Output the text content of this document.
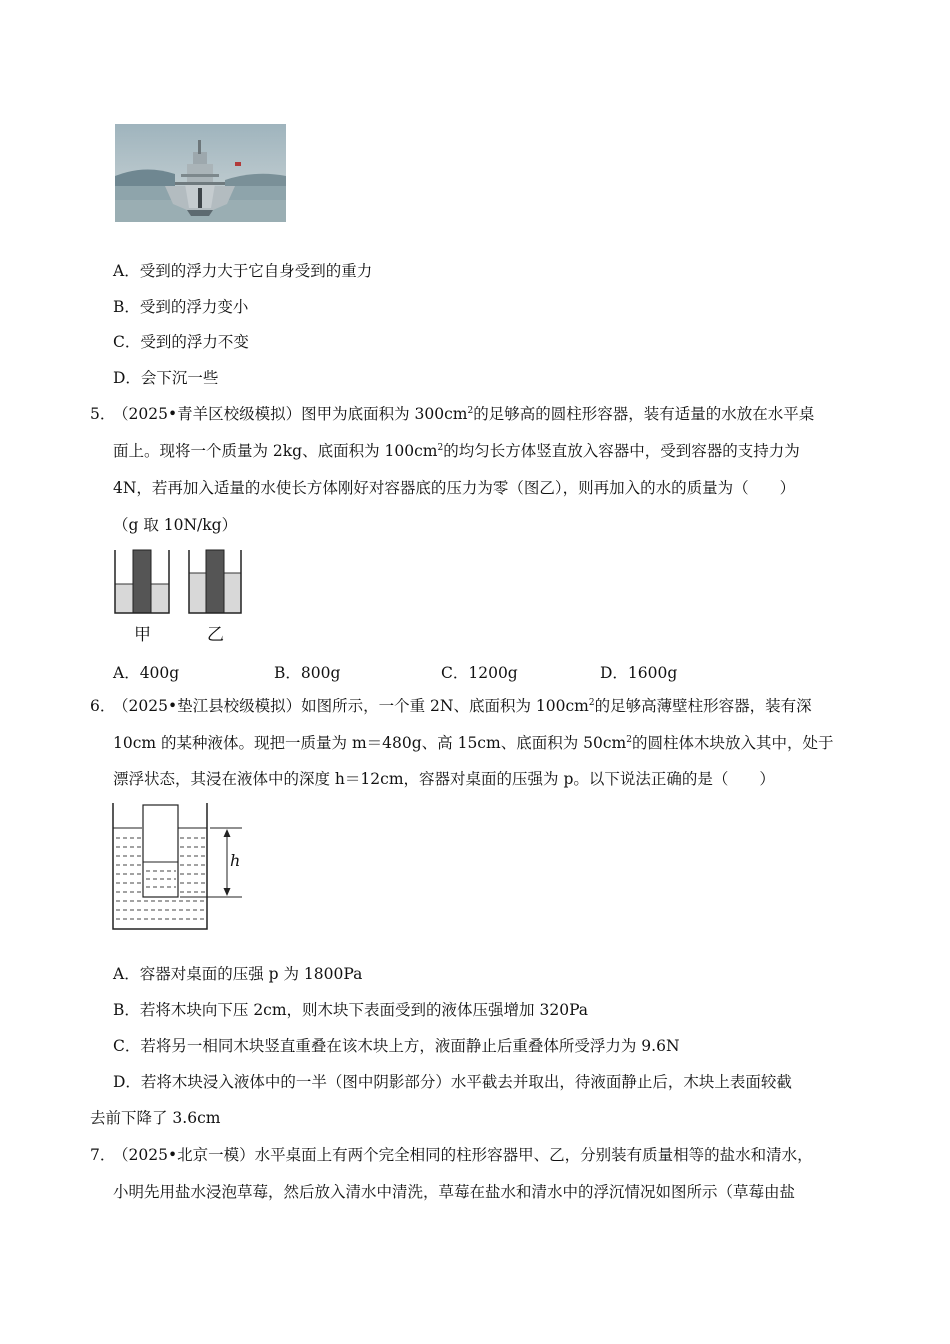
A．受到的浮力大于它自身受到的重力
B．受到的浮力变小
C．受到的浮力不变
D．会下沉一些
5．
（2025•青羊区校级模拟）图甲为底面积为 $300cm^2$的足够高的圆柱形容器，装有适量的水放在水平桌
面上。现将一个质量为 2kg、底面积为 $100cm^2$的均匀长方体竖直放入容器中，受到容器的支持力为
4N，若再加入适量的水使长方体刚好对容器底的压力为零（图乙），则再加入的水的质量为（　　）
（g 取 10N/kg）
甲	乙
A．400g	B．800g	C．1200g	D．1600g
6．
（2025•垫江县校级模拟）如图所示，一个重 2N、底面积为 $100cm^2$的足够高薄壁柱形容器，装有深
10cm 的某种液体。现把一质量为 m＝480g、高 15cm、底面积为 $50cm^2$的圆柱体木块放入其中，处于
漂浮状态，其浸在液体中的深度 h＝12cm，容器对桌面的压强为 p。以下说法正确的是（　　）
h
A．容器对桌面的压强 p 为 1800Pa
B．若将木块向下压 2cm，则木块下表面受到的液体压强增加 320Pa
C．若将另一相同木块竖直重叠在该木块上方，液面静止后重叠体所受浮力为 9.6N
D．若将木块浸入液体中的一半（图中阴影部分）水平截去并取出，待液面静止后，木块上表面较截
去前下降了 3.6cm
7．
（2025•北京一模）水平桌面上有两个完全相同的柱形容器甲、乙，分别装有质量相等的盐水和清水，
小明先用盐水浸泡草莓，然后放入清水中清洗，草莓在盐水和清水中的浮沉情况如图所示（草莓由盐
